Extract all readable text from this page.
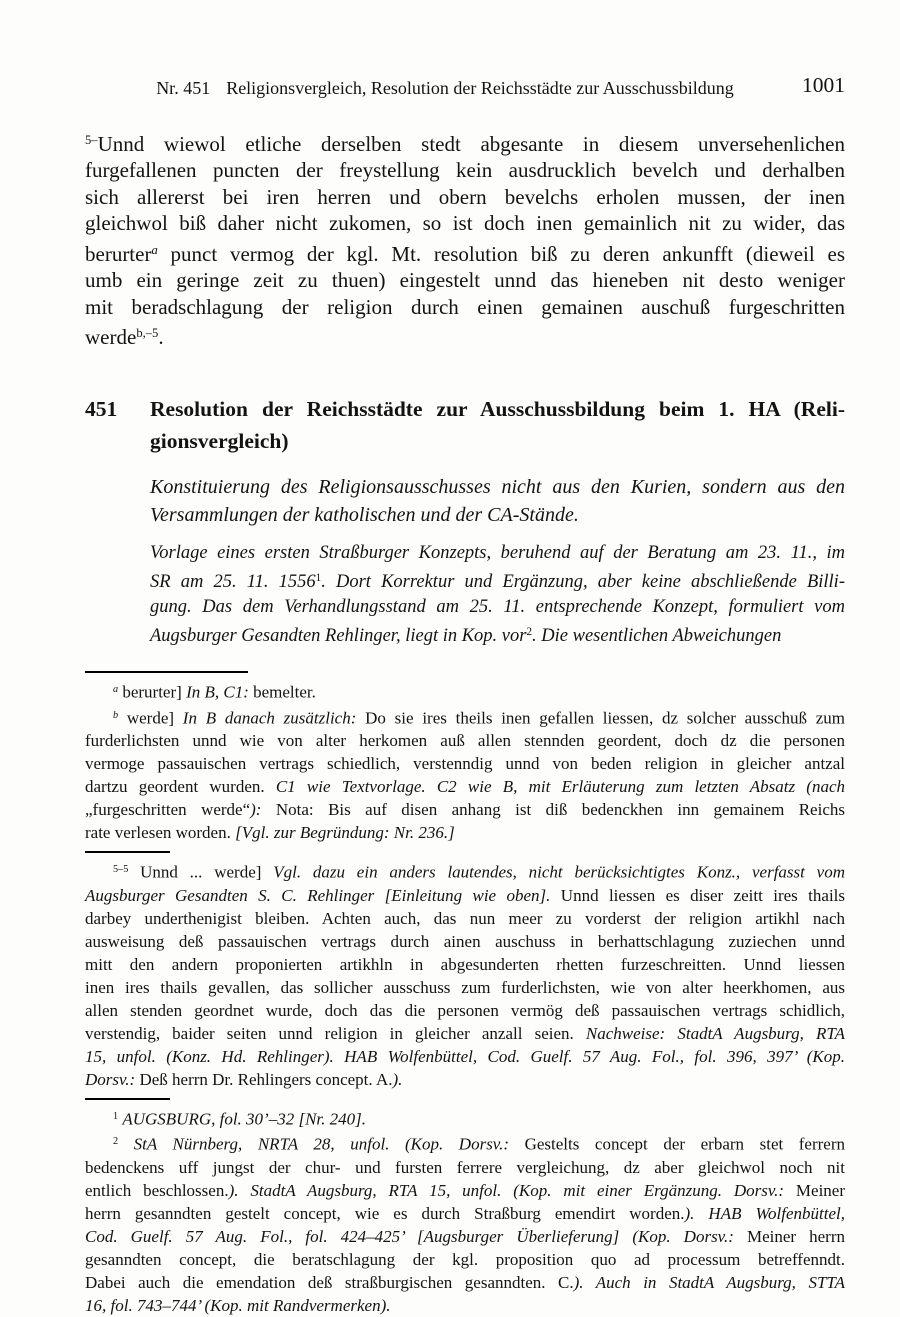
Nr. 451 Religionsvergleich, Resolution der Reichsstädte zur Ausschussbildung	1001
$^{5-}$Unnd wiewol etliche derselben stedt abgesante in diesem unversehenlichen
furgefallenen puncten der freystellung kein ausdrucklich bevelch und derhalben
sich allererst bei iren herren und obern bevelchs erholen mussen, der inen
gleichwol biß daher nicht zukomen, so ist doch inen gemainlich nit zu wider, das
berurter$^a$ punct vermog der kgl. Mt. resolution biß zu deren ankunfft (dieweil es
umb ein geringe zeit zu thuen) eingestelt unnd das hieneben nit desto weniger
mit beradschlagung der religion durch einen gemainen auschuß furgeschritten
werde$^{b,-5}$.
451	Resolution der Reichsstädte zur Ausschussbildung beim 1. HA (Reli-
gionsvergleich)
Konstituierung des Religionsausschusses nicht aus den Kurien, sondern aus den
Versammlungen der katholischen und der CA-Stände.
Vorlage eines ersten Straßburger Konzepts, beruhend auf der Beratung am 23. 11., im
SR am 25. 11. 1556$^1$. Dort Korrektur und Ergänzung, aber keine abschließende Billi-
gung. Das dem Verhandlungsstand am 25. 11. entsprechende Konzept, formuliert vom
Augsburger Gesandten Rehlinger, liegt in Kop. vor$^2$. Die wesentlichen Abweichungen
$^a$ berurter] In B, C1: bemelter.
$^b$ werde] In B danach zusätzlich: Do sie ires theils inen gefallen liessen, dz solcher ausschuß zum
furderlichsten unnd wie von alter herkomen auß allen stennden geordent, doch dz die personen
vermoge passauischen vertrags schiedlich, verstenndig unnd von beden religion in gleicher antzal
dartzu geordent wurden. C1 wie Textvorlage. C2 wie B, mit Erläuterung zum letzten Absatz (nach
„furgeschritten werde“): Nota: Bis auf disen anhang ist diß bedenckhen inn gemainem Reichs
rate verlesen worden. [Vgl. zur Begründung: Nr. 236.]
$^{5-5}$ Unnd ... werde] Vgl. dazu ein anders lautendes, nicht berücksichtigtes Konz., verfasst vom
Augsburger Gesandten S. C. Rehlinger [Einleitung wie oben]. Unnd liessen es diser zeitt ires thails
darbey underthenigist bleiben. Achten auch, das nun meer zu vorderst der religion artikhl nach
ausweisung deß passauischen vertrags durch ainen auschuss in berhattschlagung zuziechen unnd
mitt den andern proponierten artikhln in abgesunderten rhetten furzeschreitten. Unnd liessen
inen ires thails gevallen, das sollicher ausschuss zum furderlichsten, wie von alter heerkhomen, aus
allen stenden geordnet wurde, doch das die personen vermög deß passauischen vertrags schidlich,
verstendig, baider seiten unnd religion in gleicher anzall seien. Nachweise: StadtA Augsburg, RTA
15, unfol. (Konz. Hd. Rehlinger). HAB Wolfenbüttel, Cod. Guelf. 57 Aug. Fol., fol. 396, 397’ (Kop.
Dorsv.: Deß herrn Dr. Rehlingers concept. A.).
$^1$ AUGSBURG, fol. 30’–32 [Nr. 240].
$^2$ StA Nürnberg, NRTA 28, unfol. (Kop. Dorsv.: Gestelts concept der erbarn stet ferrern
bedenckens uff jungst der chur- und fursten ferrere vergleichung, dz aber gleichwol noch nit
entlich beschlossen.). StadtA Augsburg, RTA 15, unfol. (Kop. mit einer Ergänzung. Dorsv.: Meiner
herrn gesanndten gestelt concept, wie es durch Straßburg emendirt worden.). HAB Wolfenbüttel,
Cod. Guelf. 57 Aug. Fol., fol. 424–425’ [Augsburger Überlieferung] (Kop. Dorsv.: Meiner herrn
gesanndten concept, die beratschlagung der kgl. proposition quo ad processum betreffenndt.
Dabei auch die emendation deß straßburgischen gesanndten. C.). Auch in StadtA Augsburg, STTA
16, fol. 743–744’ (Kop. mit Randvermerken).
